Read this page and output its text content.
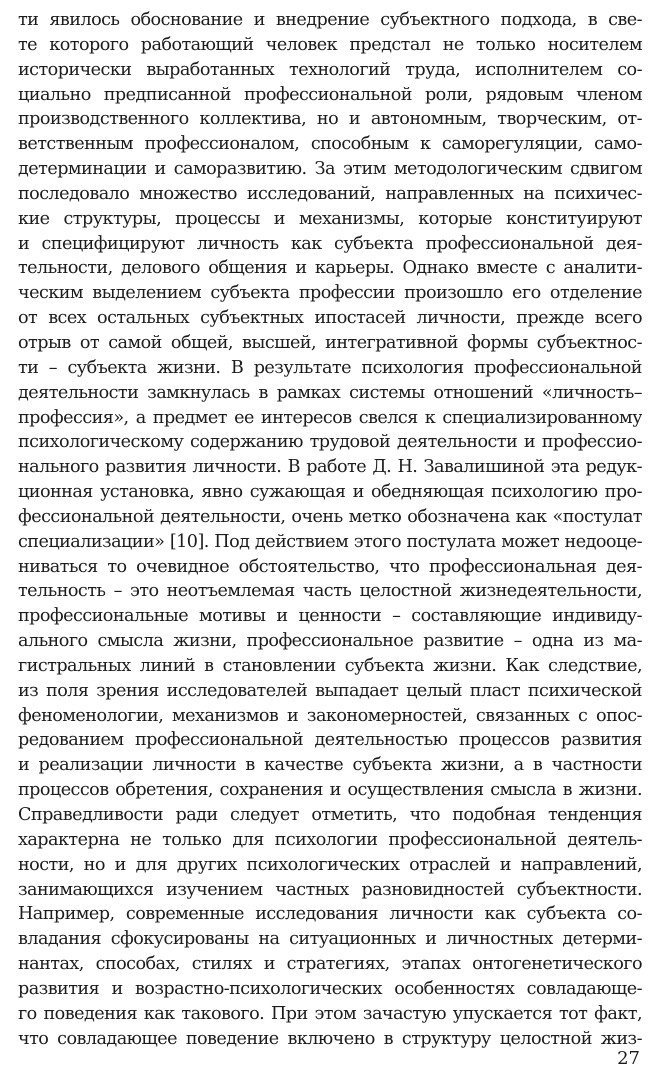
ти явилось обоснование и внедрение субъектного подхода, в све-
те которого работающий человек предстал не только носителем
исторически выработанных технологий труда, исполнителем со-
циально предписанной профессиональной роли, рядовым членом
производственного коллектива, но и автономным, творческим, от-
ветственным профессионалом, способным к саморегуляции, само-
детерминации и саморазвитию. За этим методологическим сдвигом
последовало множество исследований, направленных на психичес-
кие структуры, процессы и механизмы, которые конституируют
и специфицируют личность как субъекта профессиональной дея-
тельности, делового общения и карьеры. Однако вместе с аналити-
ческим выделением субъекта профессии произошло его отделение
от всех остальных субъектных ипостасей личности, прежде всего
отрыв от самой общей, высшей, интегративной формы субъектнос-
ти – субъекта жизни. В результате психология профессиональной
деятельности замкнулась в рамках системы отношений «личность–
профессия», а предмет ее интересов свелся к специализированному
психологическому содержанию трудовой деятельности и профессио-
нального развития личности. В работе Д. Н. Завалишиной эта редук-
ционная установка, явно сужающая и обедняющая психологию про-
фессиональной деятельности, очень метко обозначена как «постулат
специализации» [10]. Под действием этого постулата может недооце-
ниваться то очевидное обстоятельство, что профессиональная дея-
тельность – это неотъемлемая часть целостной жизнедеятельности,
профессиональные мотивы и ценности – составляющие индивиду-
ального смысла жизни, профессиональное развитие – одна из ма-
гистральных линий в становлении субъекта жизни. Как следствие,
из поля зрения исследователей выпадает целый пласт психической
феноменологии, механизмов и закономерностей, связанных с опос-
редованием профессиональной деятельностью процессов развития
и реализации личности в качестве субъекта жизни, а в частности
процессов обретения, сохранения и осуществления смысла в жизни.
Справедливости ради следует отметить, что подобная тенденция
характерна не только для психологии профессиональной деятель-
ности, но и для других психологических отраслей и направлений,
занимающихся изучением частных разновидностей субъектности.
Например, современные исследования личности как субъекта со-
владания сфокусированы на ситуационных и личностных детерми-
нантах, способах, стилях и стратегиях, этапах онтогенетического
развития и возрастно-психологических особенностях совладающе-
го поведения как такового. При этом зачастую упускается тот факт,
что совладающее поведение включено в структуру целостной жиз-
27
